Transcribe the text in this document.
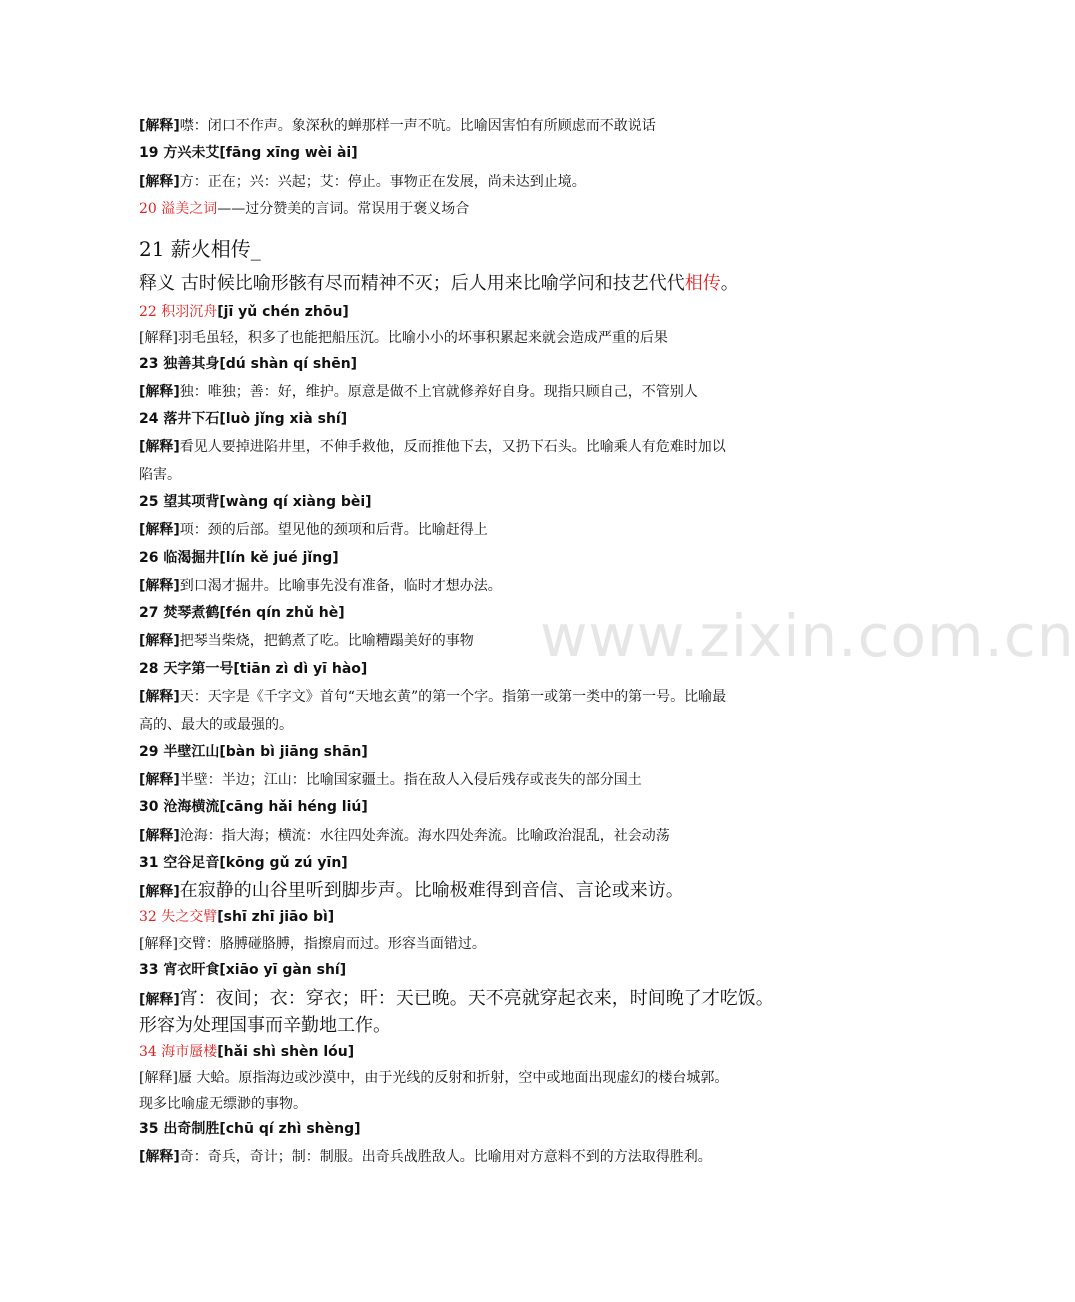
www.zixin.com.cn
[解释]噤：闭口不作声。象深秋的蝉那样一声不吭。比喻因害怕有所顾虑而不敢说话
19 方兴未艾[fāng xīng wèi ài]
[解释]方：正在；兴：兴起；艾：停止。事物正在发展，尚未达到止境。
20 溢美之词——过分赞美的言词。常误用于褒义场合
21 薪火相传_
释义 古时候比喻形骸有尽而精神不灭；后人用来比喻学问和技艺代代相传。
22 积羽沉舟[jī yǔ chén zhōu]
[解释]羽毛虽轻，积多了也能把船压沉。比喻小小的坏事积累起来就会造成严重的后果
23 独善其身[dú shàn qí shēn]
[解释]独：唯独；善：好，维护。原意是做不上官就修养好自身。现指只顾自己，不管别人
24 落井下石[luò jǐng xià shí]
[解释]看见人要掉进陷井里，不伸手救他，反而推他下去，又扔下石头。比喻乘人有危难时加以
陷害。
25 望其项背[wàng qí xiàng bèi]
[解释]项：颈的后部。望见他的颈项和后背。比喻赶得上
26 临渴掘井[lín kě jué jǐng]
[解释]到口渴才掘井。比喻事先没有准备，临时才想办法。
27 焚琴煮鹤[fén qín zhǔ hè]
[解释]把琴当柴烧，把鹤煮了吃。比喻糟蹋美好的事物
28 天字第一号[tiān zì dì yī hào]
[解释]天：天字是《千字文》首句“天地玄黄”的第一个字。指第一或第一类中的第一号。比喻最
高的、最大的或最强的。
29 半壁江山[bàn bì jiāng shān]
[解释]半壁：半边；江山：比喻国家疆土。指在敌人入侵后残存或丧失的部分国土
30 沧海横流[cāng hǎi héng liú]
[解释]沧海：指大海；横流：水往四处奔流。海水四处奔流。比喻政治混乱，社会动荡
31 空谷足音[kōng gǔ zú yīn]
[解释]在寂静的山谷里听到脚步声。比喻极难得到音信、言论或来访。
32 失之交臂[shī zhī jiāo bì]
[解释]交臂：胳膊碰胳膊，指擦肩而过。形容当面错过。
33 宵衣旰食[xiāo yī gàn shí]
[解释]宵：夜间；衣：穿衣；旰：天已晚。天不亮就穿起衣来，时间晚了才吃饭。
形容为处理国事而辛勤地工作。
34 海市蜃楼[hǎi shì shèn lóu]
[解释]蜃 大蛤。原指海边或沙漠中，由于光线的反射和折射，空中或地面出现虚幻的楼台城郭。
现多比喻虚无缥渺的事物。
35 出奇制胜[chū qí zhì shèng]
[解释]奇：奇兵，奇计；制：制服。出奇兵战胜敌人。比喻用对方意料不到的方法取得胜利。
